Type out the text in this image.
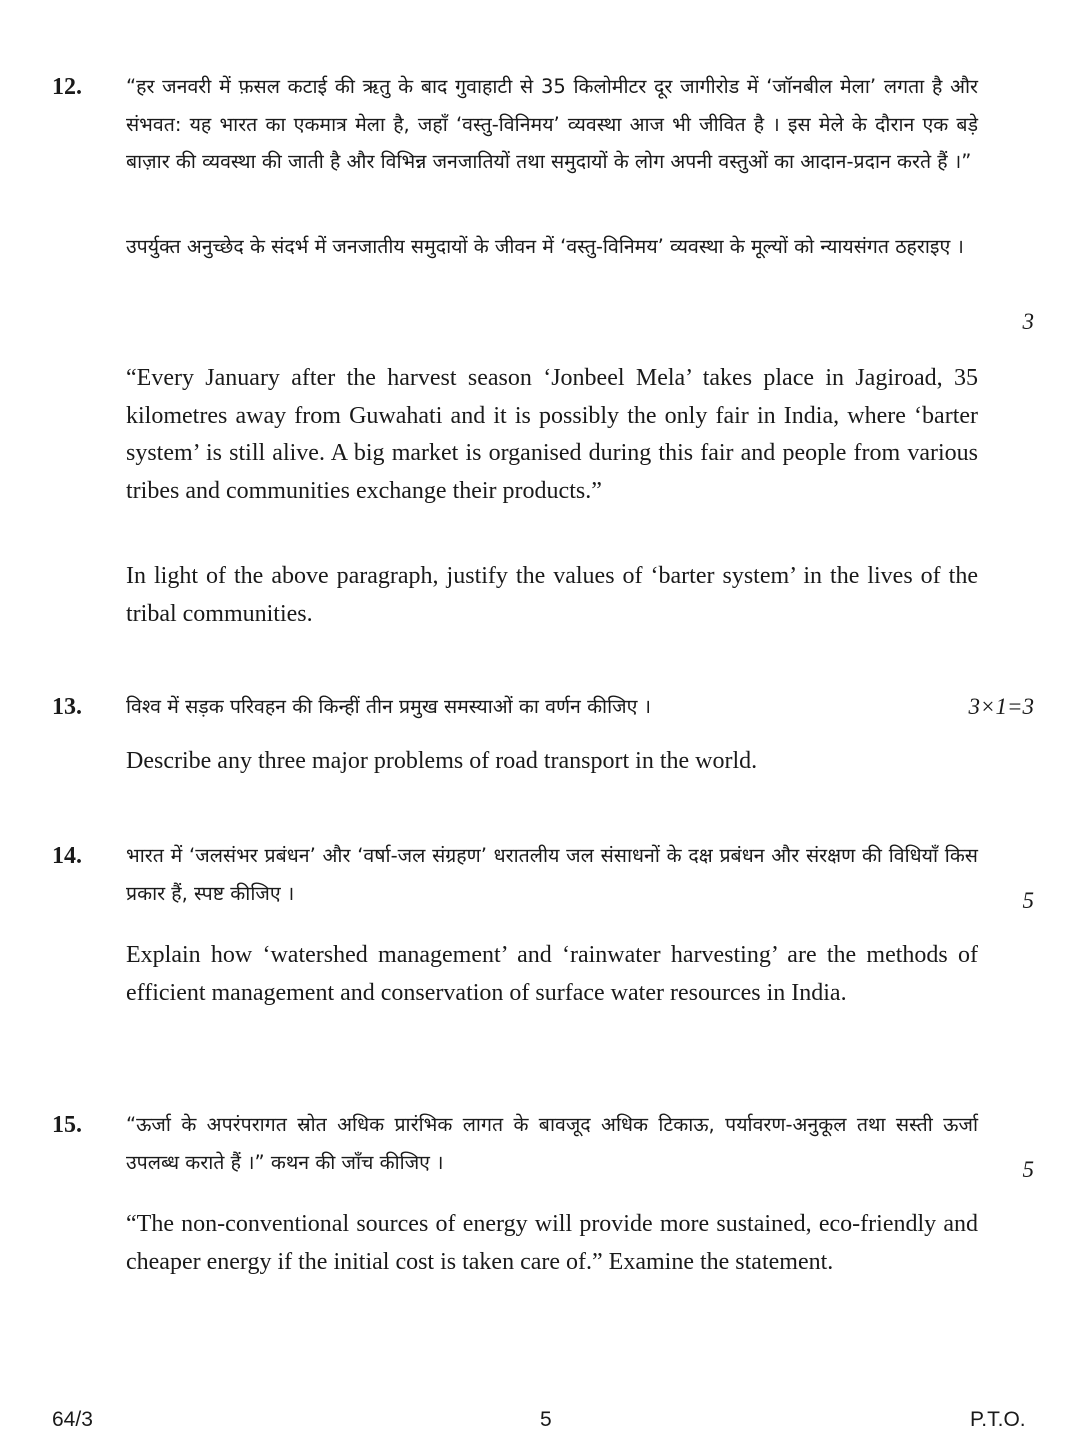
12. “हर जनवरी में फ़सल कटाई की ऋतु के बाद गुवाहाटी से 35 किलोमीटर दूर जागीरोड में ‘जॉनबील मेला’ लगता है और संभवत: यह भारत का एकमात्र मेला है, जहाँ ‘वस्तु-विनिमय’ व्यवस्था आज भी जीवित है । इस मेले के दौरान एक बड़े बाज़ार की व्यवस्था की जाती है और विभिन्न जनजातियों तथा समुदायों के लोग अपनी वस्तुओं का आदान-प्रदान करते हैं ।”
उपर्युक्त अनुच्छेद के संदर्भ में जनजातीय समुदायों के जीवन में ‘वस्तु-विनिमय’ व्यवस्था के मूल्यों को न्यायसंगत ठहराइए ।
3
“Every January after the harvest season ‘Jonbeel Mela’ takes place in Jagiroad, 35 kilometres away from Guwahati and it is possibly the only fair in India, where ‘barter system’ is still alive. A big market is organised during this fair and people from various tribes and communities exchange their products.”
In light of the above paragraph, justify the values of ‘barter system’ in the lives of the tribal communities.
13. विश्व में सड़क परिवहन की किन्हीं तीन प्रमुख समस्याओं का वर्णन कीजिए ।	3×1=3
Describe any three major problems of road transport in the world.
14. भारत में ‘जलसंभर प्रबंधन’ और ‘वर्षा-जल संग्रहण’ धरातलीय जल संसाधनों के दक्ष प्रबंधन और संरक्षण की विधियाँ किस प्रकार हैं, स्पष्ट कीजिए ।	5
Explain how ‘watershed management’ and ‘rainwater harvesting’ are the methods of efficient management and conservation of surface water resources in India.
15. “ऊर्जा के अपरंपरागत स्रोत अधिक प्रारंभिक लागत के बावजूद अधिक टिकाऊ, पर्यावरण-अनुकूल तथा सस्ती ऊर्जा उपलब्ध कराते हैं ।” कथन की जाँच कीजिए ।	5
“The non-conventional sources of energy will provide more sustained, eco-friendly and cheaper energy if the initial cost is taken care of.” Examine the statement.
64/3	5	P.T.O.
